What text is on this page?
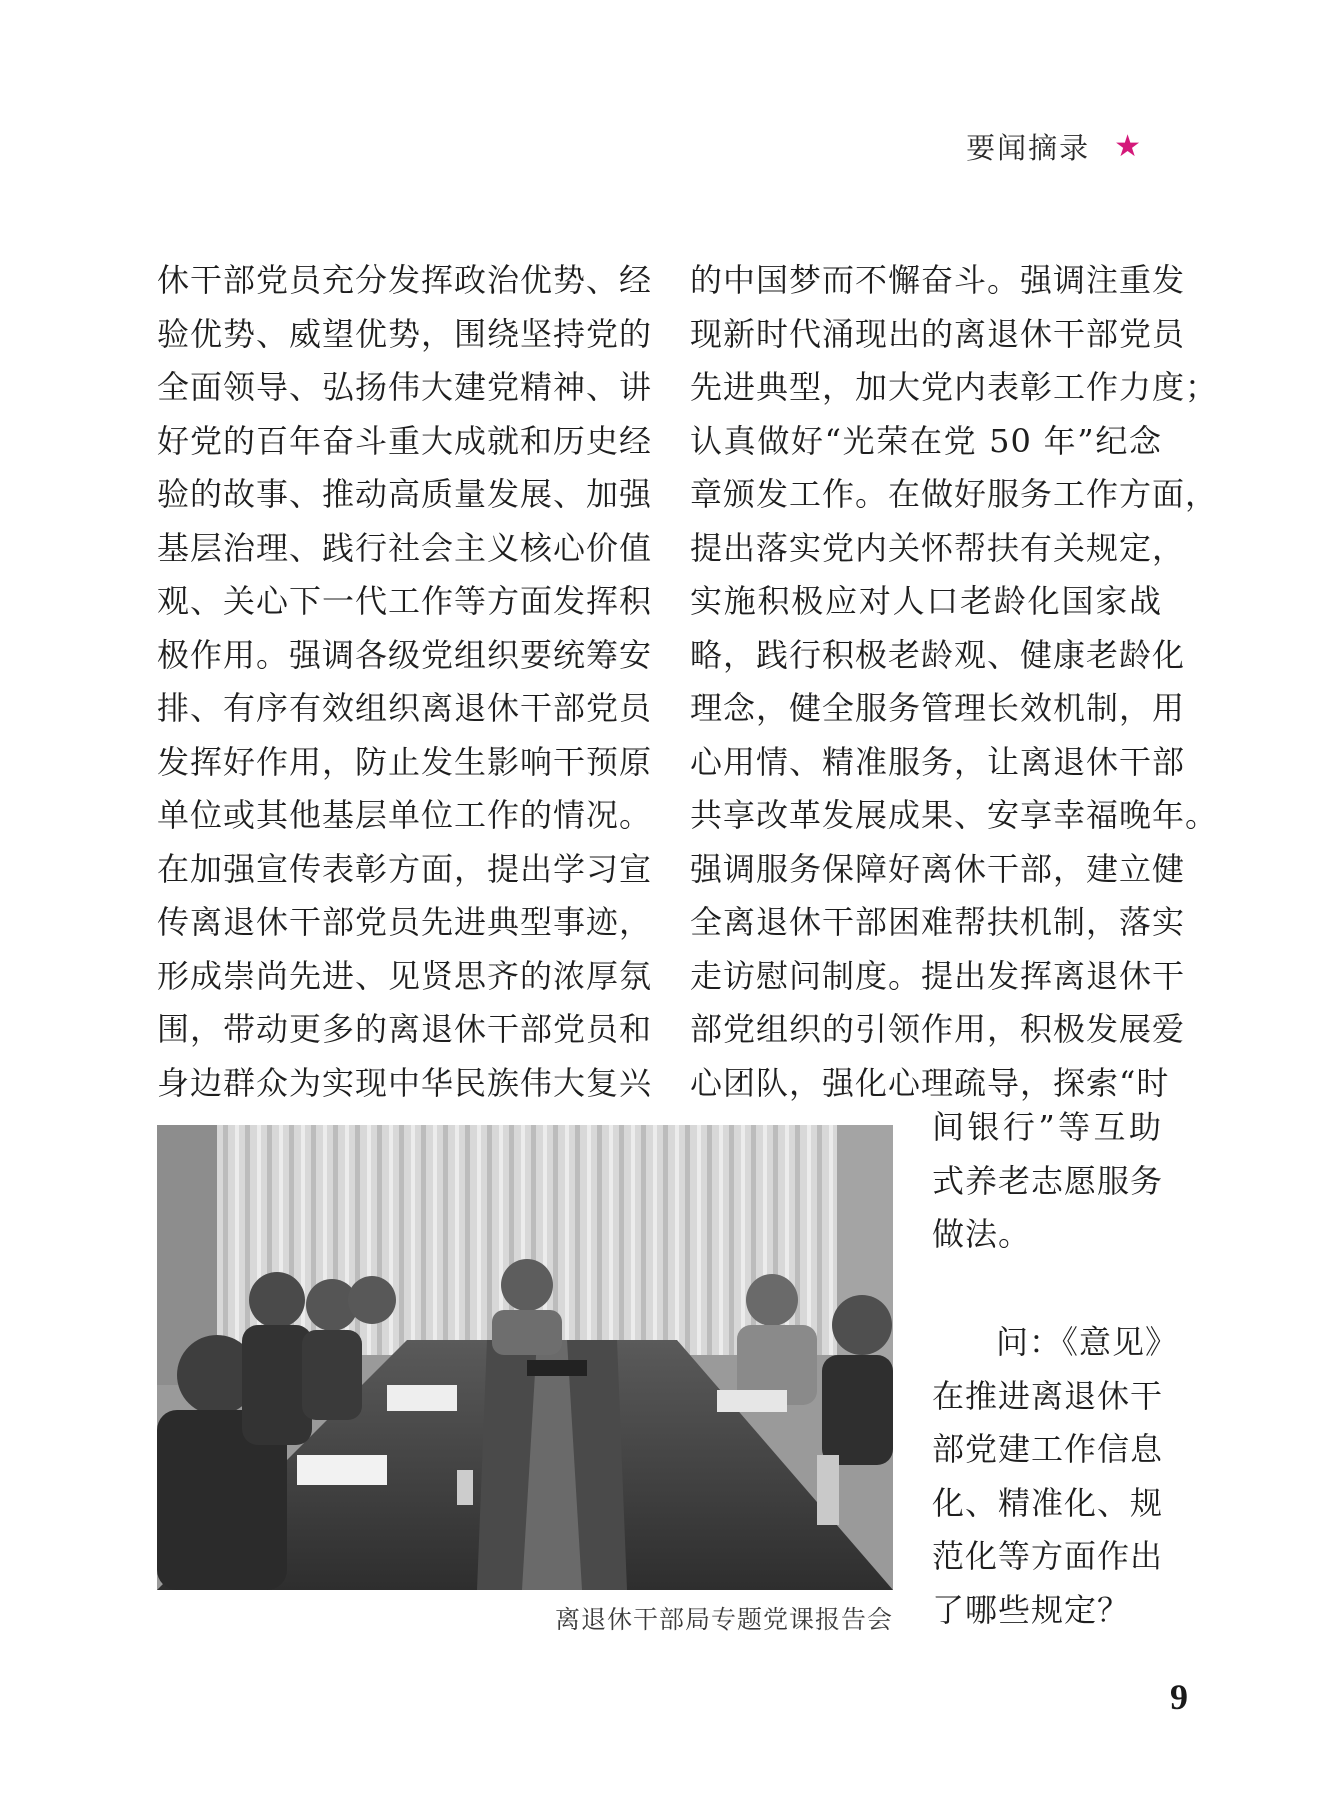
要闻摘录 ★
休干部党员充分发挥政治优势、经
验优势、威望优势，围绕坚持党的
全面领导、弘扬伟大建党精神、讲
好党的百年奋斗重大成就和历史经
验的故事、推动高质量发展、加强
基层治理、践行社会主义核心价值
观、关心下一代工作等方面发挥积
极作用。强调各级党组织要统筹安
排、有序有效组织离退休干部党员
发挥好作用，防止发生影响干预原
单位或其他基层单位工作的情况。
在加强宣传表彰方面，提出学习宣
传离退休干部党员先进典型事迹，
形成崇尚先进、见贤思齐的浓厚氛
围，带动更多的离退休干部党员和
身边群众为实现中华民族伟大复兴
的中国梦而不懈奋斗。强调注重发
现新时代涌现出的离退休干部党员
先进典型，加大党内表彰工作力度；
认真做好“光荣在党 50 年”纪念
章颁发工作。在做好服务工作方面，
提出落实党内关怀帮扶有关规定，
实施积极应对人口老龄化国家战
略，践行积极老龄观、健康老龄化
理念，健全服务管理长效机制，用
心用情、精准服务，让离退休干部
共享改革发展成果、安享幸福晚年。
强调服务保障好离休干部，建立健
全离退休干部困难帮扶机制，落实
走访慰问制度。提出发挥离退休干
部党组织的引领作用，积极发展爱
心团队，强化心理疏导，探索“时
间银行”等互助
式养老志愿服务
做法。
问：《意见》
在推进离退休干
部党建工作信息
化、精准化、规
范化等方面作出
了哪些规定？
离退休干部局专题党课报告会
9
